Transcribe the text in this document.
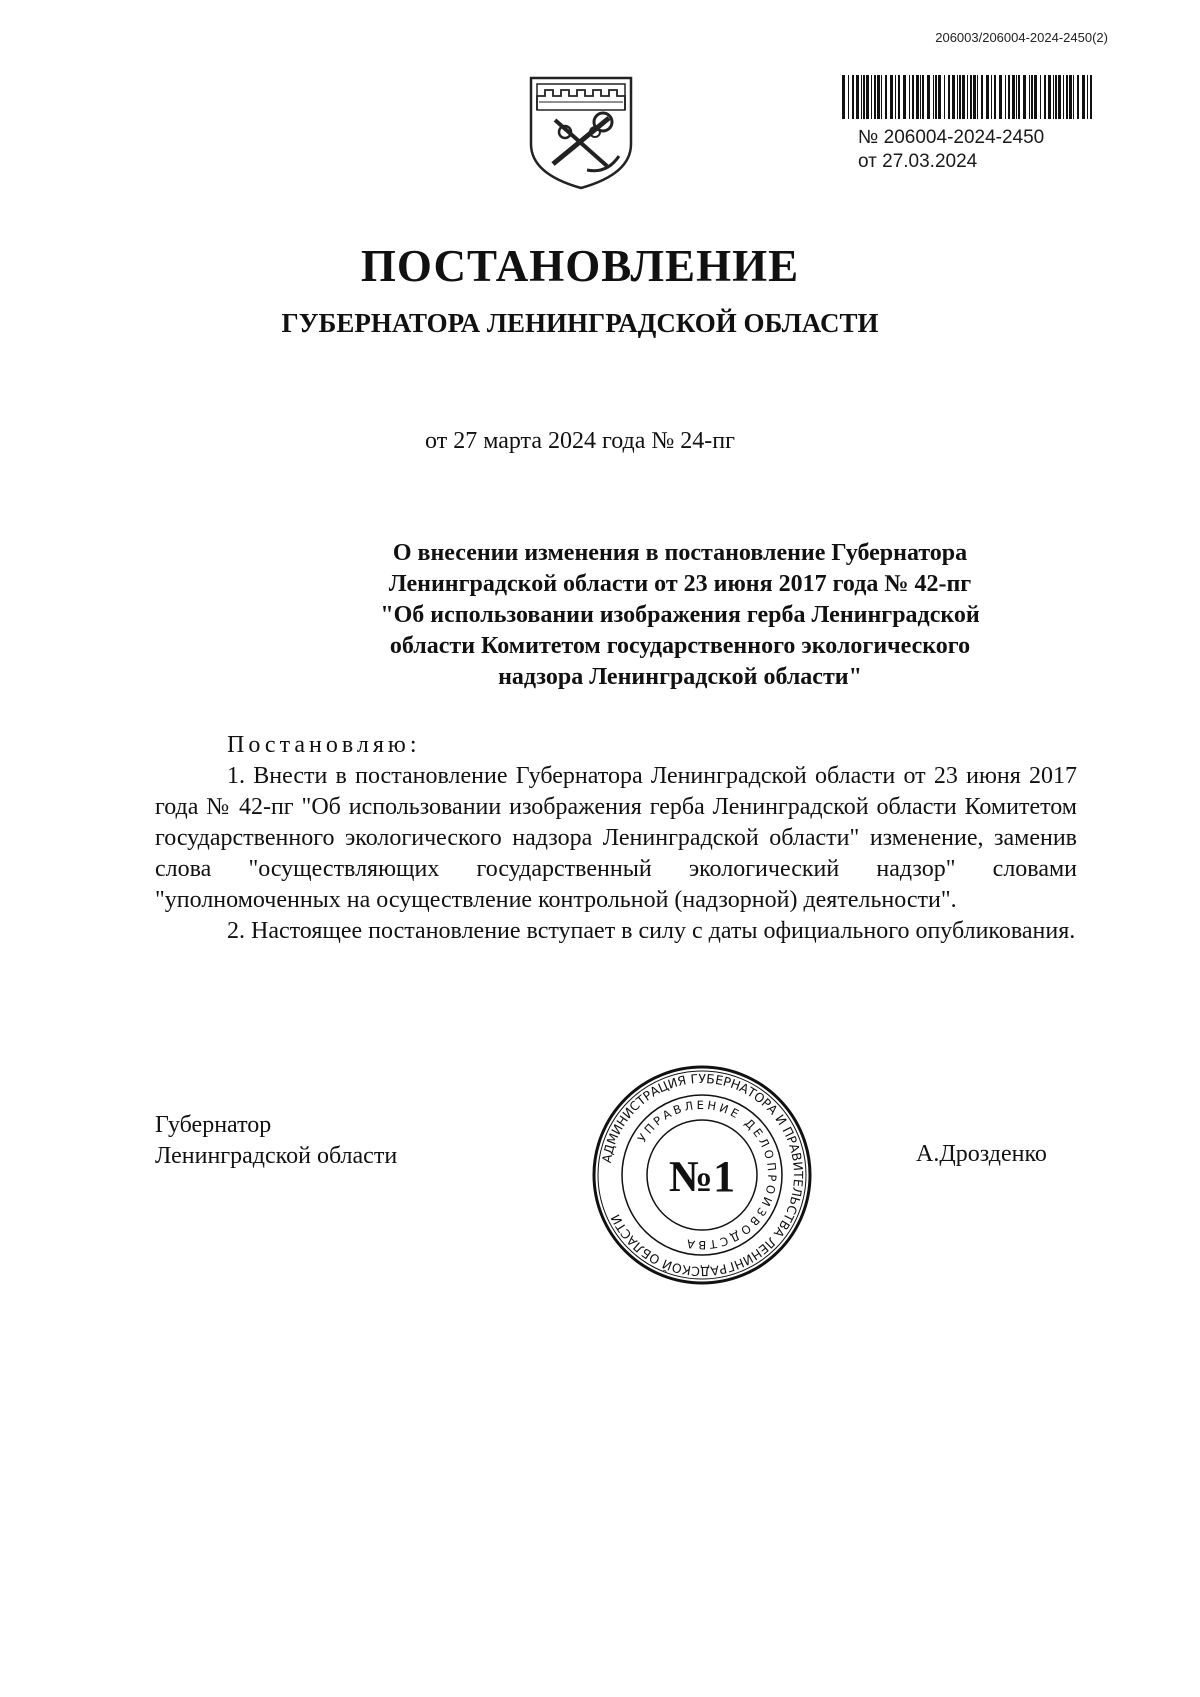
206003/206004-2024-2450(2)
№ 206004-2024-2450
от 27.03.2024
ПОСТАНОВЛЕНИЕ
ГУБЕРНАТОРА ЛЕНИНГРАДСКОЙ ОБЛАСТИ
от 27 марта 2024 года № 24-пг
О внесении изменения в постановление Губернатора
Ленинградской области от 23 июня 2017 года № 42-пг
"Об использовании изображения герба Ленинградской
области Комитетом государственного экологического
надзора Ленинградской области"
Постановляю:
1. Внести в постановление Губернатора Ленинградской области от 23 июня 2017 года № 42-пг "Об использовании изображения герба Ленинградской области Комитетом государственного экологического надзора Ленинградской области" изменение, заменив слова "осуществляющих государственный экологический надзор" словами "уполномоченных на осуществление контрольной (надзорной) деятельности".
2. Настоящее постановление вступает в силу с даты официального опубликования.
Губернатор
Ленинградской области	А.Дрозденко
АДМИНИСТРАЦИЯ ГУБЕРНАТОРА И ПРАВИТЕЛЬСТВА ЛЕНИНГРАДСКОЙ ОБЛАСТИ
УПРАВЛЕНИЕ ДЕЛОПРОИЗВОДСТВА
№1
